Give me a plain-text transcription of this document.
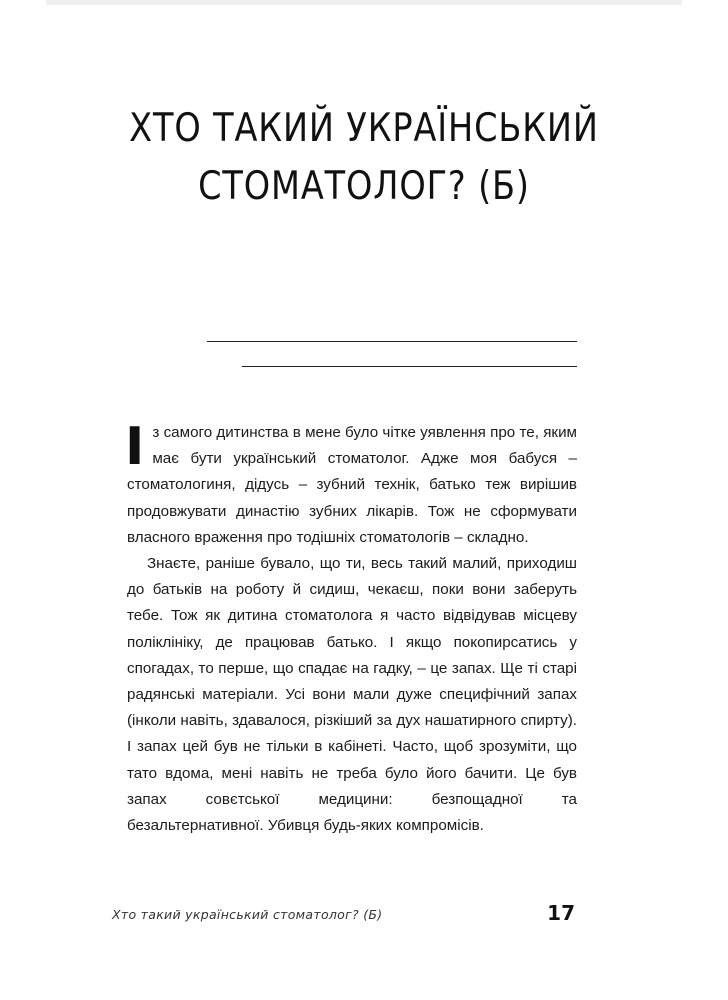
ХТО ТАКИЙ УКРАЇНСЬКИЙ
СТОМАТОЛОГ? (Б)

Із самого дитинства в мене було чітке уявлення про те, яким має бути український стоматолог. Адже моя бабуся – стоматологиня, дідусь – зубний технік, батько теж вирішив продовжувати династію зубних лікарів. Тож не сформувати власного враження про тодішніх стоматологів – складно.

Знаєте, раніше бувало, що ти, весь такий малий, приходиш до батьків на роботу й сидиш, чекаєш, поки вони заберуть тебе. Тож як дитина стоматолога я часто відвідував місцеву поліклініку, де працював батько. І якщо покопирсатись у спогадах, то перше, що спадає на гадку, – це запах. Ще ті старі радянські матеріали. Усі вони мали дуже специфічний запах (інколи навіть, здавалося, різкіший за дух нашатирного спирту). І запах цей був не тільки в кабінеті. Часто, щоб зрозуміти, що тато вдома, мені навіть не треба було його бачити. Це був запах совєтської медицини: безпощадної та безальтернативної. Убивця будь-яких компромісів.

Хто такий український стоматолог? (Б)	17
